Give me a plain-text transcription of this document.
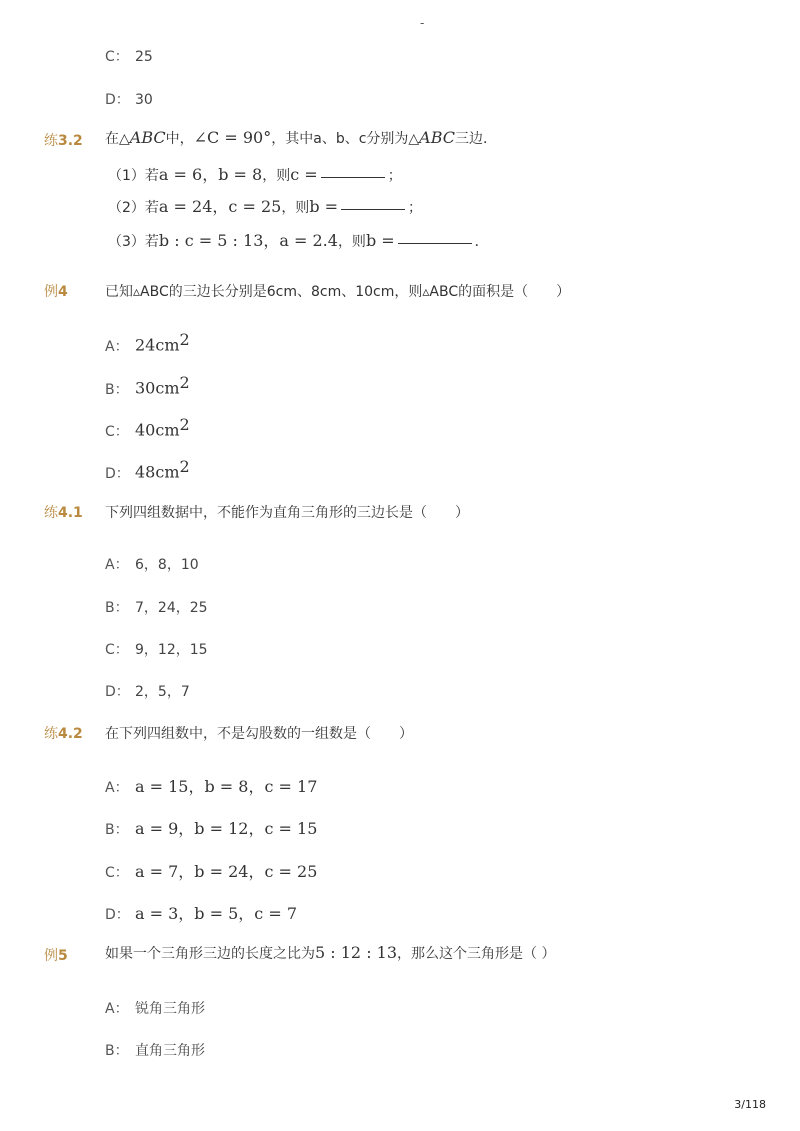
-
C： 25
D： 30
练3.2 在△ABC中，∠C = 90°，其中a、b、c分别为△ABC三边．
（1）若a = 6，b = 8，则c =	；
（2）若a = 24，c = 25，则b =	；
（3）若b : c = 5 : 13，a = 2.4，则b =	．
例4	已知▵ABC的三边长分别是6cm、8cm、10cm，则▵ABC的面积是（　　）
A： $24cm^2$
B： $30cm^2$
C： $40cm^2$
D： $48cm^2$
练4.1 下列四组数据中，不能作为直角三角形的三边长是（　　）
A： 6，8，10
B： 7，24，25
C： 9，12，15
D： 2，5，7
练4.2 在下列四组数中，不是勾股数的一组数是（　　）
A： a = 15，b = 8，c = 17
B： a = 9，b = 12，c = 15
C： a = 7，b = 24，c = 25
D： a = 3，b = 5，c = 7
例5	如果一个三角形三边的长度之比为5 : 12 : 13，那么这个三角形是（ ）
A： 锐角三角形
B： 直角三角形
3/118
